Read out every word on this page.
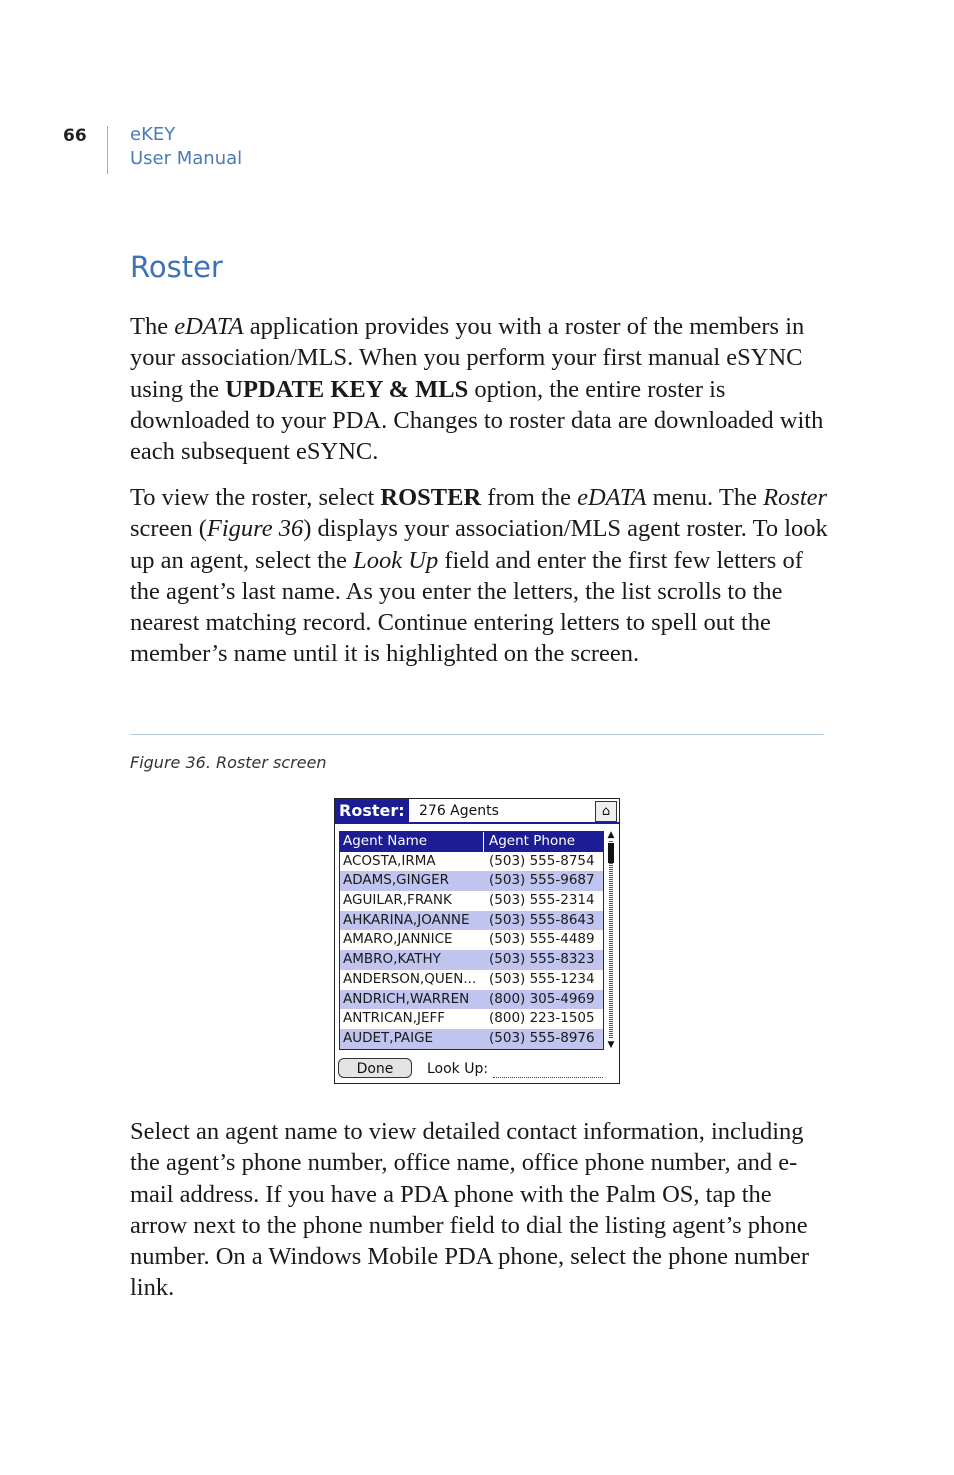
66 eKEY
User Manual
Roster

The eDATA application provides you with a roster of the members in your association/MLS. When you perform your first manual eSYNC using the UPDATE KEY & MLS option, the entire roster is downloaded to your PDA. Changes to roster data are downloaded with each subsequent eSYNC.

To view the roster, select ROSTER from the eDATA menu. The Roster screen (Figure 36) displays your association/MLS agent roster. To look up an agent, select the Look Up field and enter the first few letters of the agent’s last name. As you enter the letters, the list scrolls to the nearest matching record. Continue entering letters to spell out the member’s name until it is highlighted on the screen.

Figure 36. Roster screen
Roster: 276 Agents	⌂
Agent Name	Agent Phone
ACOSTA,IRMA	(503) 555-8754
ADAMS,GINGER	(503) 555-9687
AGUILAR,FRANK	(503) 555-2314
AHKARINA,JOANNE	(503) 555-8643
AMARO,JANNICE	(503) 555-4489
AMBRO,KATHY	(503) 555-8323
ANDERSON,QUEN... (503) 555-1234
ANDRICH,WARREN	(800) 305-4969
ANTRICAN,JEFF	(800) 223-1505
AUDET,PAIGE	(503) 555-8976
▲
▼
Done	Look Up:

Select an agent name to view detailed contact information, including the agent’s phone number, office name, office phone number, and e-mail address. If you have a PDA phone with the Palm OS, tap the arrow next to the phone number field to dial the listing agent’s phone number. On a Windows Mobile PDA phone, select the phone number link.
